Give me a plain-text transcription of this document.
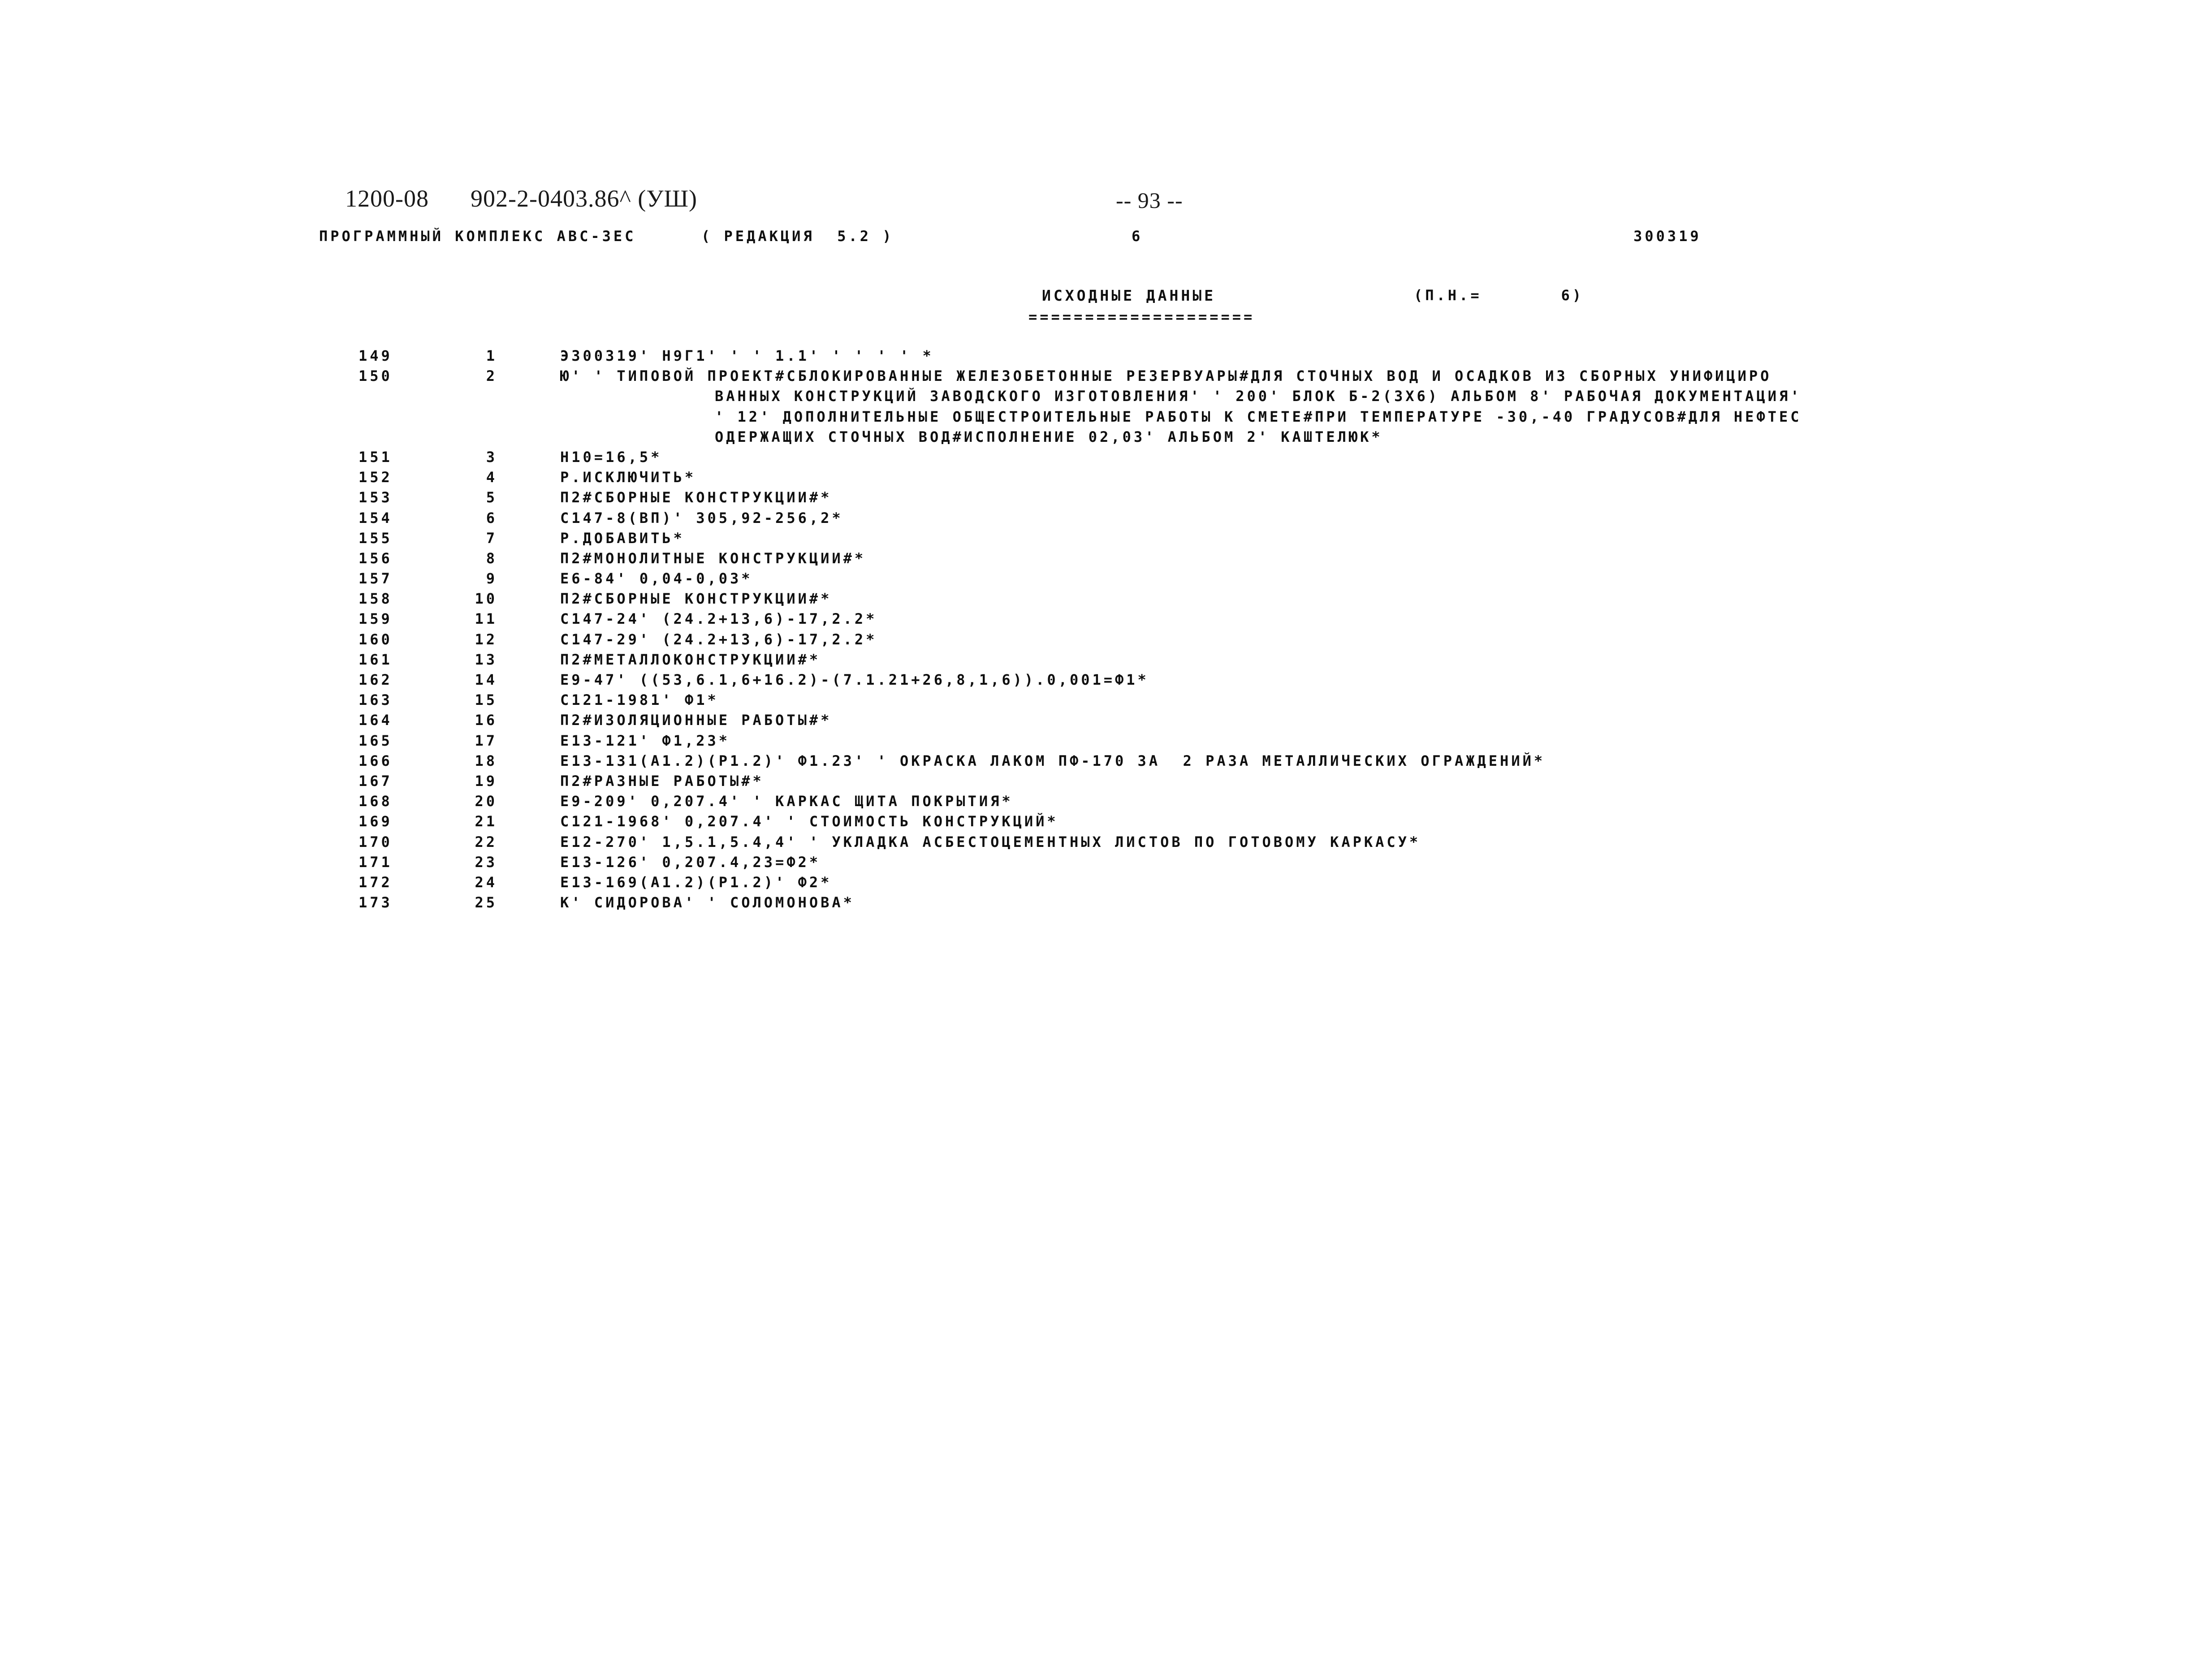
1200-08 902-2-0403.86^ (УШ)	-- 93 --
ПРОГРАММНЫЙ КОМПЛЕКС АВС-ЗЕС	( РЕДАКЦИЯ  5.2 )	6	300319
ИСХОДНЫЕ ДАННЫЕ
====================
(П.Н.=       6)
149	1	Э300319' Н9Г1' ' ' 1.1' ' ' ' ' *
150	2	Ю' ' ТИПОВОЙ ПРОЕКТ#СБЛОКИРОВАННЫЕ ЖЕЛЕЗОБЕТОННЫЕ РЕЗЕРВУАРЫ#ДЛЯ СТОЧНЫХ ВОД И ОСАДКОВ ИЗ СБОРНЫХ УНИФИЦИРО
ВАННЫХ КОНСТРУКЦИЙ ЗАВОДСКОГО ИЗГОТОВЛЕНИЯ' ' 200' БЛОК Б-2(3X6) АЛЬБОМ 8' РАБОЧАЯ ДОКУМЕНТАЦИЯ'
' 12' ДОПОЛНИТЕЛЬНЫЕ ОБЩЕСТРОИТЕЛЬНЫЕ РАБОТЫ К СМЕТЕ#ПРИ ТЕМПЕРАТУРЕ -30,-40 ГРАДУСОВ#ДЛЯ НЕФТЕС
ОДЕРЖАЩИХ СТОЧНЫХ ВОД#ИСПОЛНЕНИЕ 02,03' АЛЬБОМ 2' КАШТЕЛЮК*
151	3	Н10=16,5*
152	4	Р.ИСКЛЮЧИТЬ*
153	5	П2#СБОРНЫЕ КОНСТРУКЦИИ#*
154	6	С147-8(ВП)' 305,92-256,2*
155	7	Р.ДОБАВИТЬ*
156	8	П2#МОНОЛИТНЫЕ КОНСТРУКЦИИ#*
157	9	Е6-84' 0,04-0,03*
158	10	П2#СБОРНЫЕ КОНСТРУКЦИИ#*
159	11	С147-24' (24.2+13,6)-17,2.2*
160	12	С147-29' (24.2+13,6)-17,2.2*
161	13	П2#МЕТАЛЛОКОНСТРУКЦИИ#*
162	14	Е9-47' ((53,6.1,6+16.2)-(7.1.21+26,8,1,6)).0,001=Ф1*
163	15	С121-1981' Ф1*
164	16	П2#ИЗОЛЯЦИОННЫЕ РАБОТЫ#*
165	17	Е13-121' Ф1,23*
166	18	Е13-131(А1.2)(Р1.2)' Ф1.23' ' ОКРАСКА ЛАКОМ ПФ-170 ЗА  2 РАЗА МЕТАЛЛИЧЕСКИХ ОГРАЖДЕНИЙ*
167	19	П2#РАЗНЫЕ РАБОТЫ#*
168	20	Е9-209' 0,207.4' ' КАРКАС ЩИТА ПОКРЫТИЯ*
169	21	С121-1968' 0,207.4' ' СТОИМОСТЬ КОНСТРУКЦИЙ*
170	22	Е12-270' 1,5.1,5.4,4' ' УКЛАДКА АСБЕСТОЦЕМЕНТНЫХ ЛИСТОВ ПО ГОТОВОМУ КАРКАСУ*
171	23	Е13-126' 0,207.4,23=Ф2*
172	24	Е13-169(А1.2)(Р1.2)' Ф2*
173	25	К' СИДОРОВА' ' СОЛОМОНОВА*
